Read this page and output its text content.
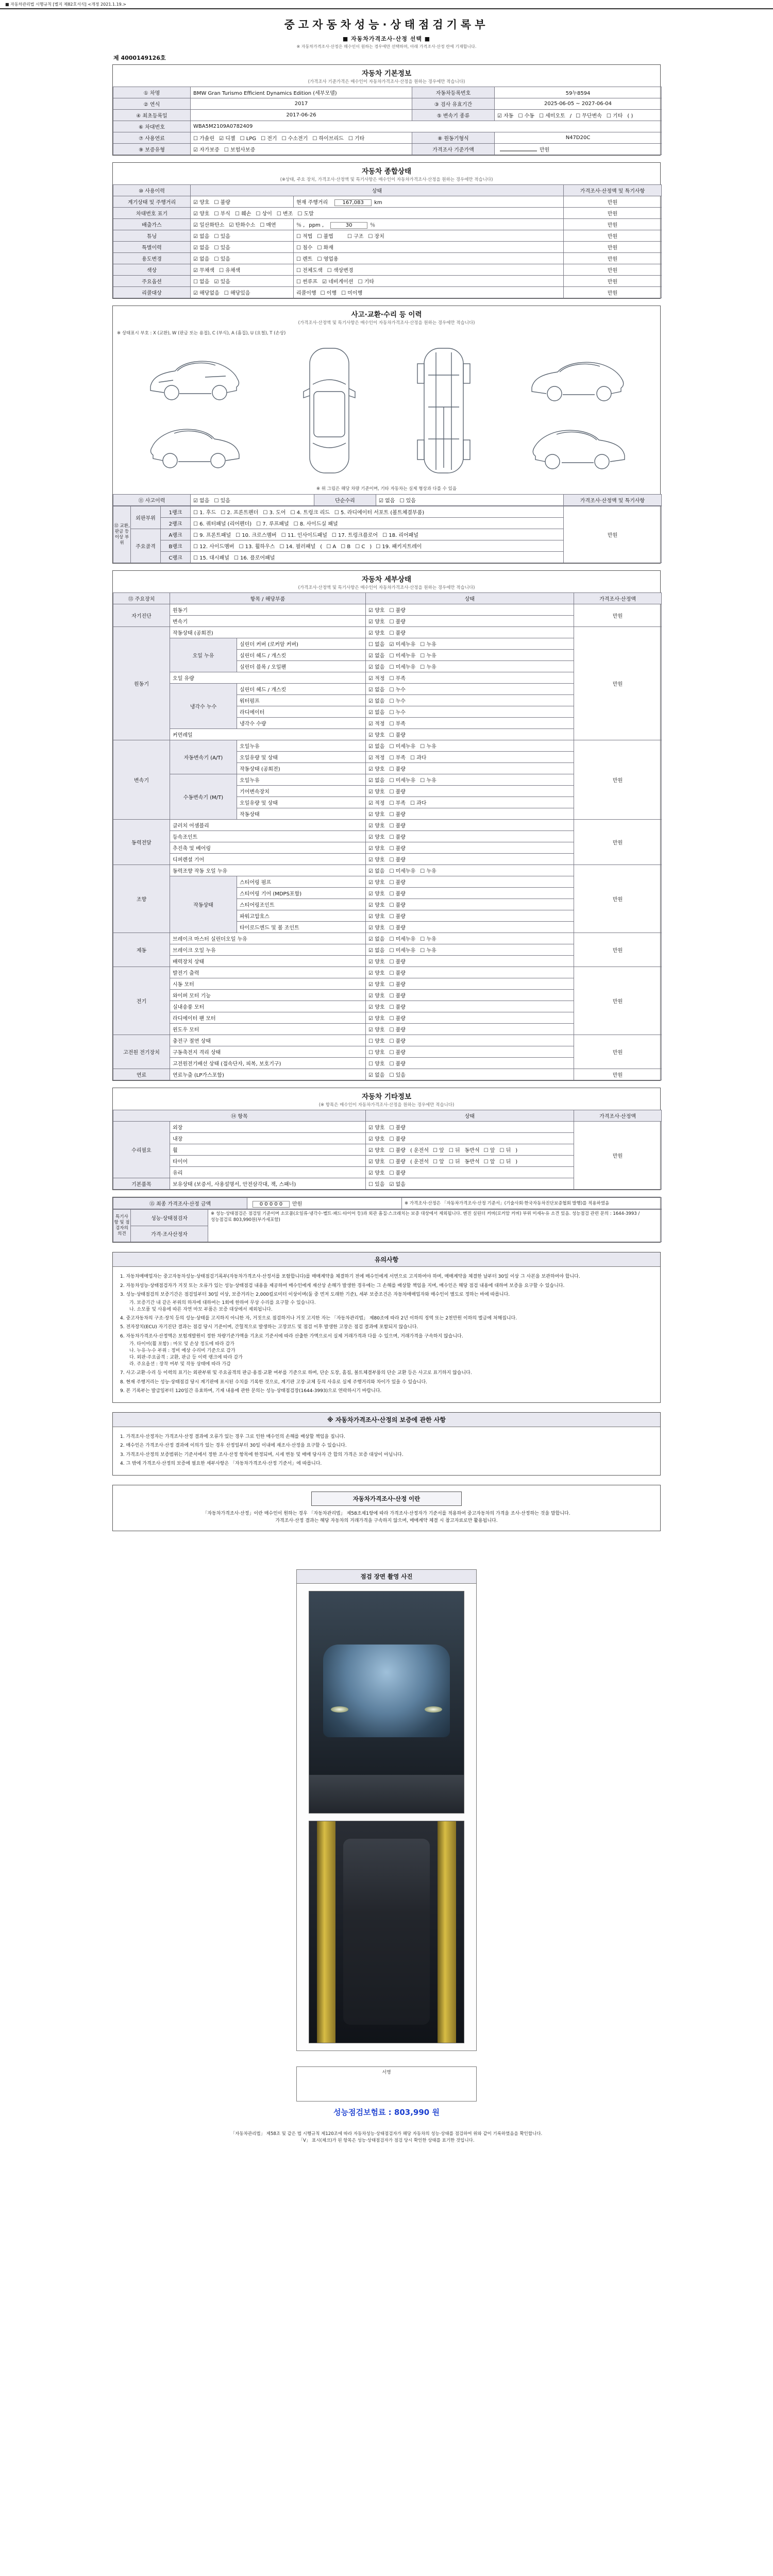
■ 자동차관리법 시행규칙 [별지 제82호서식] <개정 2021.1.19.>
중고자동차성능·상태점검기록부
■ 자동차가격조사·산정 선택 ■
※ 자동차가격조사·산정은 매수인이 원하는 경우에만 선택하며, 아래 가격조사·산정 란에 기재합니다.
제 4000149126호
자동차 기본정보
(가격조사 기준가격은 매수인이 자동차가격조사·산정을 원하는 경우에만 적습니다)
① 차명	BMW Gran Turismo Efficient Dynamics Edition (세부모델)	자동차등록번호	59누8594
② 연식	2017	③ 검사 유효기간	2025-06-05 ~ 2027-06-04
④ 최초등록일	2017-06-26	⑤ 변속기 종류	☑ 자동 ☐ 수동 ☐ 세미오토 / ☐ 무단변속 ☐ 기타 ( )
⑥ 차대번호	WBA5M2109A0782409		
⑦ 사용연료	☐ 가솔린 ☑ 디젤 ☐ LPG ☐ 전기 ☐ 수소전기 ☐ 하이브리드 ☐ 기타	⑧ 원동기형식	N47D20C
⑨ 보증유형	☑ 자가보증 ☐ 보험사보증	가격조사 기준가액	만원
자동차 종합상태
(※상태, 주요 장치, 가격조사·산정액 및 특기사항은 매수인이 자동차가격조사·산정을 원하는 경우에만 적습니다)
⑩ 사용이력	상태		가격조사·산정액 및 특기사항
계기상태 및 주행거리	☑ 양호 ☐ 불량	현재 주행거리 167,083 km	만원
차대번호 표기	☑ 양호 ☐ 부식 ☐ 훼손 ☐ 상이 ☐ 변조 ☐ 도말		만원
배출가스	☑ 일산화탄소 ☑ 탄화수소 ☐ 매연	％ , ppm , 30 ％	만원
튜닝	☑ 없음 ☐ 있음	☐ 적법 ☐ 불법　 ☐ 구조 ☐ 장치	만원
특별이력	☑ 없음 ☐ 있음	☐ 침수 ☐ 화재	만원
용도변경	☑ 없음 ☐ 있음	☐ 렌트 ☐ 영업용	만원
색상	☑ 무채색 ☐ 유채색	☐ 전체도색 ☐ 색상변경	만원
주요옵션	☐ 없음 ☑ 있음	☐ 썬루프 ☑ 네비게이션 ☐ 기타	만원
리콜대상	☑ 해당없음 ☐ 해당있음	리콜이행 ☐ 이행 ☐ 미이행	만원
사고·교환·수리 등 이력
(가격조사·산정액 및 특기사항은 매수인이 자동차가격조사·산정을 원하는 경우에만 적습니다)
※ 상태표시 부호 : X (교환), W (판금 또는 용접), C (부식), A (흠집), U (요철), T (손상)
※ 위 그림은 해당 차량 기준이며, 기타 자동차는 실제 형상과 다를 수 있음
⑪ 사고이력	☑ 없음 ☐ 있음	단순수리	☑ 없음 ☐ 있음	가격조사·산정액 및 특기사항
⑫ 교환, 판금 등 이상 부위	외판부위	1랭크	☐ 1. 후드 ☐ 2. 프론트펜더 ☐ 3. 도어 ☐ 4. 트렁크 리드 ☐ 5. 라디에이터 서포트 (볼트체결부품)	만원
		2랭크	☐ 6. 쿼터패널 (리어펜더) ☐ 7. 루프패널 ☐ 8. 사이드실 패널	
	주요골격	A랭크	☐ 9. 프론트패널 ☐ 10. 크로스멤버 ☐ 11. 인사이드패널 ☐ 17. 트렁크플로어 ☐ 18. 리어패널	
		B랭크	☐ 12. 사이드멤버 ☐ 13. 휠하우스 ☐ 14. 필러패널 ( ☐ A ☐ B ☐ C ) ☐ 19. 패키지트레이	
		C랭크	☐ 15. 대시패널 ☐ 16. 플로어패널	
자동차 세부상태
(가격조사·산정액 및 특기사항은 매수인이 자동차가격조사·산정을 원하는 경우에만 적습니다)
⑬ 주요장치	항목 / 해당부품		상태	가격조사·산정액
자기진단	원동기		☑ 양호 ☐ 불량	만원
	변속기		☑ 양호 ☐ 불량	
원동기	작동상태 (공회전)		☑ 양호 ☐ 불량	만원
	오일 누유	실린더 커버 (로커암 커버)	☐ 없음 ☑ 미세누유 ☐ 누유	
		실린더 헤드 / 개스킷	☑ 없음 ☐ 미세누유 ☐ 누유	
		실린더 블록 / 오일팬	☑ 없음 ☐ 미세누유 ☐ 누유	
	오일 유량		☑ 적정 ☐ 부족	
	냉각수 누수	실린더 헤드 / 개스킷	☑ 없음 ☐ 누수	
		워터펌프	☑ 없음 ☐ 누수	
		라디에이터	☑ 없음 ☐ 누수	
		냉각수 수량	☑ 적정 ☐ 부족	
	커먼레일		☑ 양호 ☐ 불량	
변속기	자동변속기 (A/T)	오일누유	☑ 없음 ☐ 미세누유 ☐ 누유	만원
		오일유량 및 상태	☑ 적정 ☐ 부족 ☐ 과다	
		작동상태 (공회전)	☑ 양호 ☐ 불량	
	수동변속기 (M/T)	오일누유	☑ 없음 ☐ 미세누유 ☐ 누유	
		기어변속장치	☑ 양호 ☐ 불량	
		오일유량 및 상태	☑ 적정 ☐ 부족 ☐ 과다	
		작동상태	☑ 양호 ☐ 불량	
동력전달	클러치 어셈블리		☑ 양호 ☐ 불량	만원
	등속조인트		☑ 양호 ☐ 불량	
	추진축 및 베어링		☑ 양호 ☐ 불량	
	디퍼렌셜 기어		☑ 양호 ☐ 불량	
조향	동력조향 작동 오일 누유		☑ 없음 ☐ 미세누유 ☐ 누유	만원
	작동상태	스티어링 펌프	☑ 양호 ☐ 불량	
		스티어링 기어 (MDPS포함)	☑ 양호 ☐ 불량	
		스티어링조인트	☑ 양호 ☐ 불량	
		파워고압호스	☑ 양호 ☐ 불량	
		타이로드엔드 및 볼 조인트	☑ 양호 ☐ 불량	
제동	브레이크 마스터 실린더오일 누유		☑ 없음 ☐ 미세누유 ☐ 누유	만원
	브레이크 오일 누유		☑ 없음 ☐ 미세누유 ☐ 누유	
	배력장치 상태		☑ 양호 ☐ 불량	
전기	발전기 출력		☑ 양호 ☐ 불량	만원
	시동 모터		☑ 양호 ☐ 불량	
	와이퍼 모터 기능		☑ 양호 ☐ 불량	
	실내송풍 모터		☑ 양호 ☐ 불량	
	라디에이터 팬 모터		☑ 양호 ☐ 불량	
	윈도우 모터		☑ 양호 ☐ 불량	
고전원 전기장치	충전구 절연 상태		☐ 양호 ☐ 불량	만원
	구동축전지 격리 상태		☐ 양호 ☐ 불량	
	고전원전기배선 상태 (접속단자, 피복, 보호기구)		☐ 양호 ☐ 불량	
연료	연료누출 (LP가스포함)		☑ 없음 ☐ 있음	만원
자동차 기타정보
(※ 항목은 매수인이 자동차가격조사·산정을 원하는 경우에만 적습니다)
⑭ 항목		상태	가격조사·산정액
수리필요	외장	☑ 양호 ☐ 불량	만원
	내장	☑ 양호 ☐ 불량	
	휠	☑ 양호 ☐ 불량 ( 운전석 ☐ 앞 ☐ 뒤 동반석 ☐ 앞 ☐ 뒤 )	
	타이어	☑ 양호 ☐ 불량 ( 운전석 ☐ 앞 ☐ 뒤 동반석 ☐ 앞 ☐ 뒤 )	
	유리	☑ 양호 ☐ 불량	
기본품목	보유상태 (보증서, 사용설명서, 안전삼각대, 잭, 스패너)	☐ 있음 ☑ 없음	
⑮ 최종 가격조사·산정 금액	0 0 0 0 0 만원	※ 가격조사·산정은 「자동차가격조사·산정 기준서」(기술사회·한국자동차진단보증협회 발행)를 적용하였음
특기사항 및 점검자의 의견	성능·상태점검자	※ 성능·상태점검은 점검일 기준이며 소모품(오일류·냉각수·벨트·패드·타이어 등)과 외관 흠집·스크래치는 보증 대상에서 제외됩니다. 엔진 실린더 커버(로커암 커버) 부위 미세누유 소견 있음. 성능점검 관련 문의 : 1644-3993 / 성능점검료 803,990원(부가세포함)
가격·조사산정자
유의사항
1. 자동차매매업자는 중고자동차성능·상태점검기록부(자동차가격조사·산정서를 포함합니다)를 매매계약을 체결하기 전에 매수인에게 서면으로 고지하여야 하며, 매매계약을 체결한 날부터 30일 이상 그 사본을 보관하여야 합니다.
2. 자동차성능·상태점검자가 거짓 또는 오류가 있는 성능·상태점검 내용을 제공하여 매수인에게 재산상 손해가 발생한 경우에는 그 손해를 배상할 책임을 지며, 매수인은 해당 점검 내용에 대하여 보증을 요구할 수 있습니다.
3. 성능·상태점검의 보증기간은 점검일부터 30일 이상, 보증거리는 2,000킬로미터 이상이며(둘 중 먼저 도래한 기준), 세부 보증조건은 자동차매매업자와 매수인이 별도로 정하는 바에 따릅니다.
가. 보증기간 내 같은 부위의 하자에 대하여는 1회에 한하여 무상 수리를 요구할 수 있습니다.
나. 소모품 및 사용에 따른 자연 마모 부품은 보증 대상에서 제외됩니다.
4. 중고자동차의 구조·장치 등의 성능·상태를 고지하지 아니한 자, 거짓으로 점검하거나 거짓 고지한 자는 「자동차관리법」 제80조에 따라 2년 이하의 징역 또는 2천만원 이하의 벌금에 처해집니다.
5. 전자장치(ECU) 자기진단 결과는 점검 당시 기준이며, 간헐적으로 발생하는 고장코드 및 점검 이후 발생한 고장은 점검 결과에 포함되지 않습니다.
6. 자동차가격조사·산정액은 보험개발원이 정한 차량기준가액을 기초로 기준서에 따라 산출한 가액으로서 실제 거래가격과 다를 수 있으며, 거래가격을 구속하지 않습니다.
가. 타이어(휠 포함) : 마모 및 손상 정도에 따라 감가
나. 누유·누수 부위 : 정비 예상 수리비 기준으로 감가
다. 외판·주요골격 : 교환, 판금 등 이력 랭크에 따라 감가
라. 주요옵션 : 장착 여부 및 작동 상태에 따라 가감
7. 사고·교환·수리 등 이력의 표기는 외판부위 및 주요골격의 판금·용접·교환 여부를 기준으로 하며, 단순 도장, 흠집, 볼트체결부품의 단순 교환 등은 사고로 표기하지 않습니다.
8. 현재 주행거리는 성능·상태점검 당시 계기판에 표시된 수치를 기록한 것으로, 계기판 고장·교체 등의 사유로 실제 주행거리와 차이가 있을 수 있습니다.
9. 본 기록부는 발급일부터 120일간 유효하며, 기재 내용에 관한 문의는 성능·상태점검장(1644-3993)으로 연락하시기 바랍니다.
※ 자동차가격조사·산정의 보증에 관한 사항
1. 가격조사·산정자는 가격조사·산정 결과에 오류가 있는 경우 그로 인한 매수인의 손해를 배상할 책임을 집니다.
2. 매수인은 가격조사·산정 결과에 이의가 있는 경우 산정일부터 30일 이내에 재조사·산정을 요구할 수 있습니다.
3. 가격조사·산정의 보증범위는 기준서에서 정한 조사·산정 항목에 한정되며, 시세 변동 및 매매 당사자 간 합의 가격은 보증 대상이 아닙니다.
4. 그 밖에 가격조사·산정의 보증에 필요한 세부사항은 「자동차가격조사·산정 기준서」에 따릅니다.
자동차가격조사·산정 이란
「자동차가격조사·산정」이란 매수인이 원하는 경우 「자동차관리법」 제58조제1항에 따라 가격조사·산정자가 기준서를 적용하여 중고자동차의 가격을 조사·산정하는 것을 말합니다.
가격조사·산정 결과는 해당 자동차의 거래가격을 구속하지 않으며, 매매계약 체결 시 참고자료로만 활용됩니다.
점검 장면 촬영 사진
서명
성능점검보험료 : 803,990 원
「자동차관리법」 제58조 및 같은 법 시행규칙 제120조에 따라 자동차성능·상태점검자가 해당 자동차의 성능·상태를 점검하여 위와 같이 기록하였음을 확인합니다.
「V」 표시(체크)가 된 항목은 성능·상태점검자가 점검 당시 확인한 상태를 표기한 것입니다.
